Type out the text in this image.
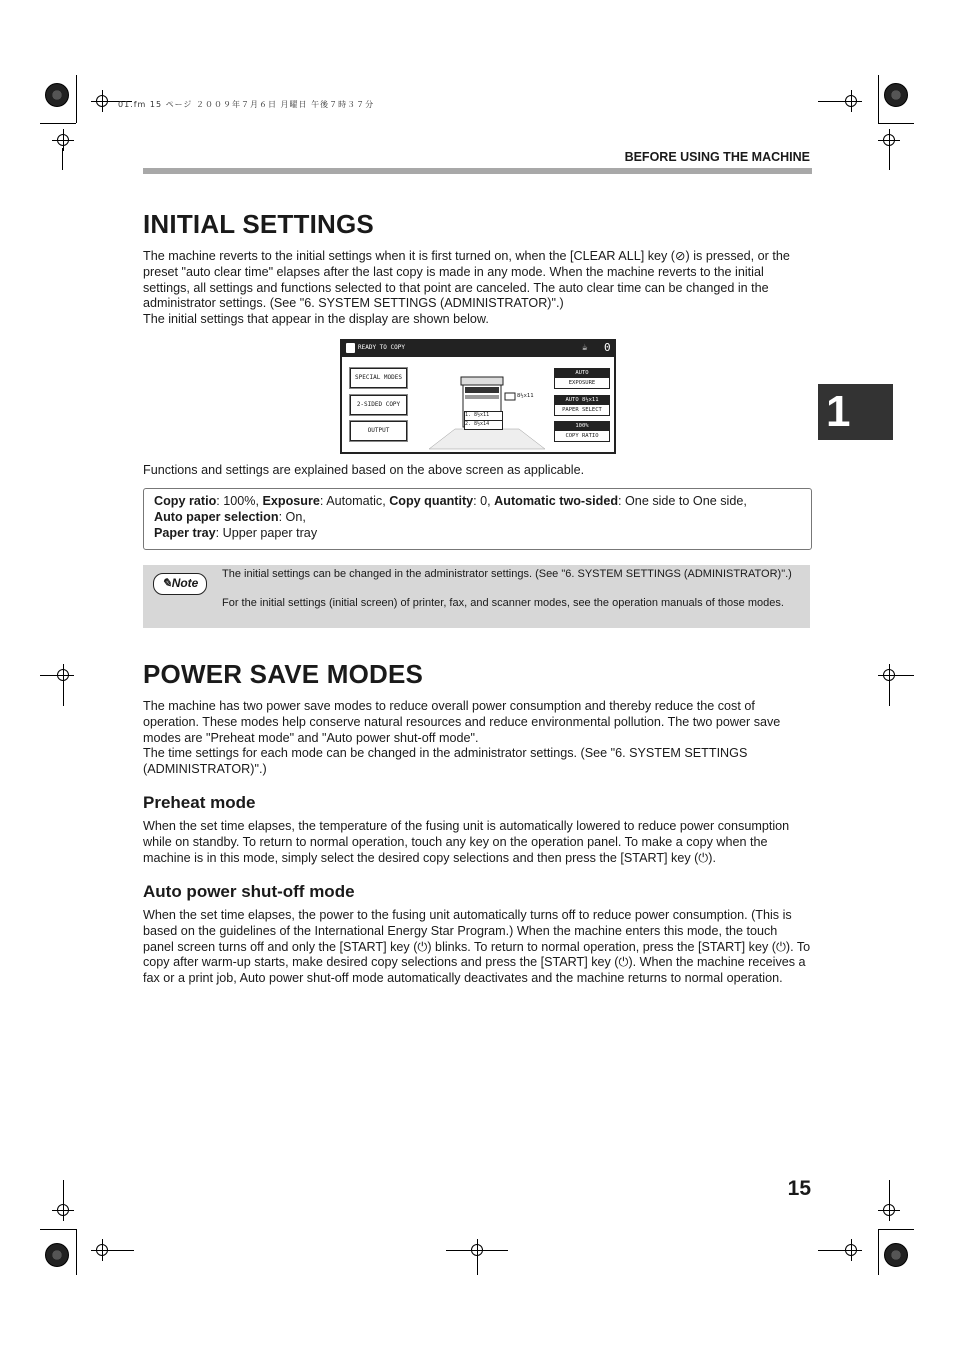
01.fm 15 ページ ２００９年７月６日 月曜日 午後７時３７分
BEFORE USING THE MACHINE
1
INITIAL SETTINGS

The machine reverts to the initial settings when it is first turned on, when the [CLEAR ALL] key (⊘) is pressed, or the preset "auto clear time" elapses after the last copy is made in any mode. When the machine reverts to the initial settings, all settings and functions selected to that point are canceled. The auto clear time can be changed in the administrator settings. (See "6. SYSTEM SETTINGS (ADMINISTRATOR)".)

The initial settings that appear in the display are shown below.

READY TO COPY	☕ 0
SPECIAL MODES
2-SIDED COPY
OUTPUT
1. 8½x11
2. 8½x14
8½x11
AUTO
EXPOSURE
AUTO 8½x11
PAPER SELECT
100%
COPY RATIO

Functions and settings are explained based on the above screen as applicable.

Copy ratio: 100%, Exposure: Automatic, Copy quantity: 0, Automatic two-sided: One side to One side,
Auto paper selection: On,
Paper tray: Upper paper tray
✎Note
The initial settings can be changed in the administrator settings. (See "6. SYSTEM SETTINGS (ADMINISTRATOR)".)
For the initial settings (initial screen) of printer, fax, and scanner modes, see the operation manuals of those modes.
POWER SAVE MODES

The machine has two power save modes to reduce overall power consumption and thereby reduce the cost of operation. These modes help conserve natural resources and reduce environmental pollution. The two power save modes are "Preheat mode" and "Auto power shut-off mode".

The time settings for each mode can be changed in the administrator settings. (See "6. SYSTEM SETTINGS (ADMINISTRATOR)".)

Preheat mode

When the set time elapses, the temperature of the fusing unit is automatically lowered to reduce power consumption while on standby. To return to normal operation, touch any key on the operation panel. To make a copy when the machine is in this mode, simply select the desired copy selections and then press the [START] key (⏻).

Auto power shut-off mode

When the set time elapses, the power to the fusing unit automatically turns off to reduce power consumption. (This is based on the guidelines of the International Energy Star Program.) When the machine enters this mode, the touch panel screen turns off and only the [START] key (⏻) blinks. To return to normal operation, press the [START] key (⏻). To copy after warm-up starts, make desired copy selections and press the [START] key (⏻). When the machine receives a fax or a print job, Auto power shut-off mode automatically deactivates and the machine returns to normal operation.

15
